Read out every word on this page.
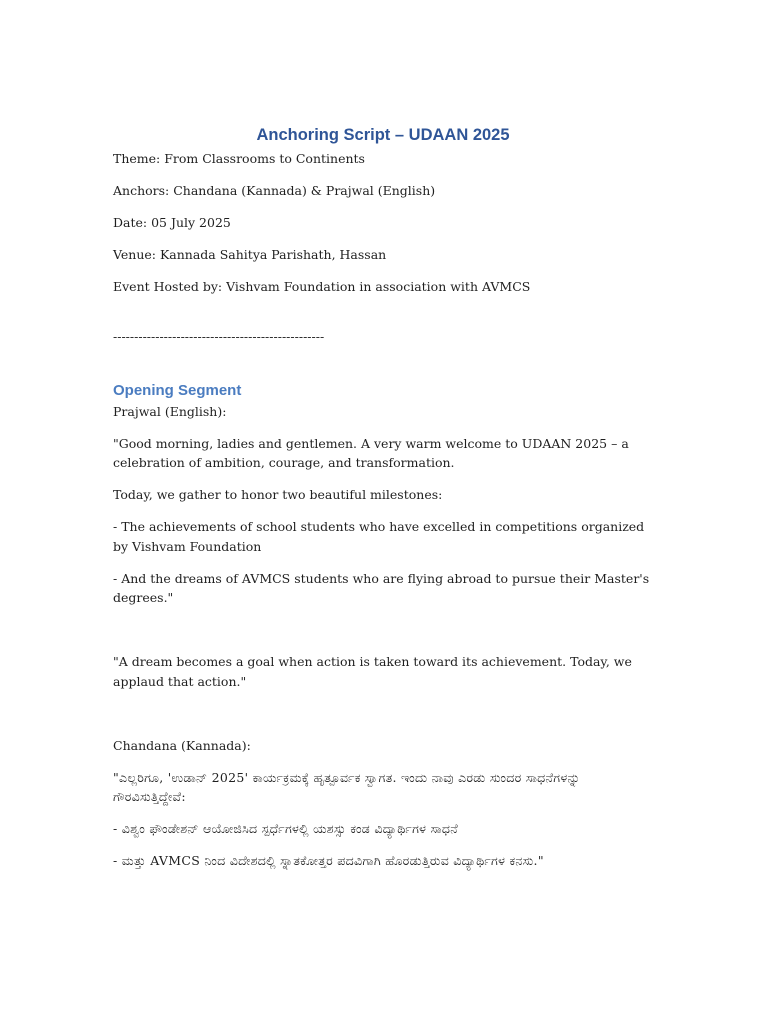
Anchoring Script – UDAAN 2025

Theme: From Classrooms to Continents

Anchors: Chandana (Kannada) & Prajwal (English)

Date: 05 July 2025

Venue: Kannada Sahitya Parishath, Hassan

Event Hosted by: Vishvam Foundation in association with AVMCS

--------------------------------------------------

Opening Segment

Prajwal (English):

"Good morning, ladies and gentlemen. A very warm welcome to UDAAN 2025 – a celebration of ambition, courage, and transformation.

Today, we gather to honor two beautiful milestones:

- The achievements of school students who have excelled in competitions organized by Vishvam Foundation

- And the dreams of AVMCS students who are flying abroad to pursue their Master's degrees."

"A dream becomes a goal when action is taken toward its achievement. Today, we applaud that action."

Chandana (Kannada):

"ಎಲ್ಲರಿಗೂ, 'ಉಡಾನ್ 2025' ಕಾರ್ಯಕ್ರಮಕ್ಕೆ ಹೃತ್ಪೂರ್ವಕ ಸ್ವಾಗತ. ಇಂದು ನಾವು ಎರಡು ಸುಂದರ ಸಾಧನೆಗಳನ್ನು ಗೌರವಿಸುತ್ತಿದ್ದೇವೆ:

- ವಿಶ್ವಂ ಫೌಂಡೇಶನ್ ಆಯೋಜಿಸಿದ ಸ್ಪರ್ಧೆಗಳಲ್ಲಿ ಯಶಸ್ಸು ಕಂಡ ವಿದ್ಯಾರ್ಥಿಗಳ ಸಾಧನೆ

- ಮತ್ತು AVMCS ನಿಂದ ವಿದೇಶದಲ್ಲಿ ಸ್ನಾತಕೋತ್ತರ ಪದವಿಗಾಗಿ ಹೊರಡುತ್ತಿರುವ ವಿದ್ಯಾರ್ಥಿಗಳ ಕನಸು."
